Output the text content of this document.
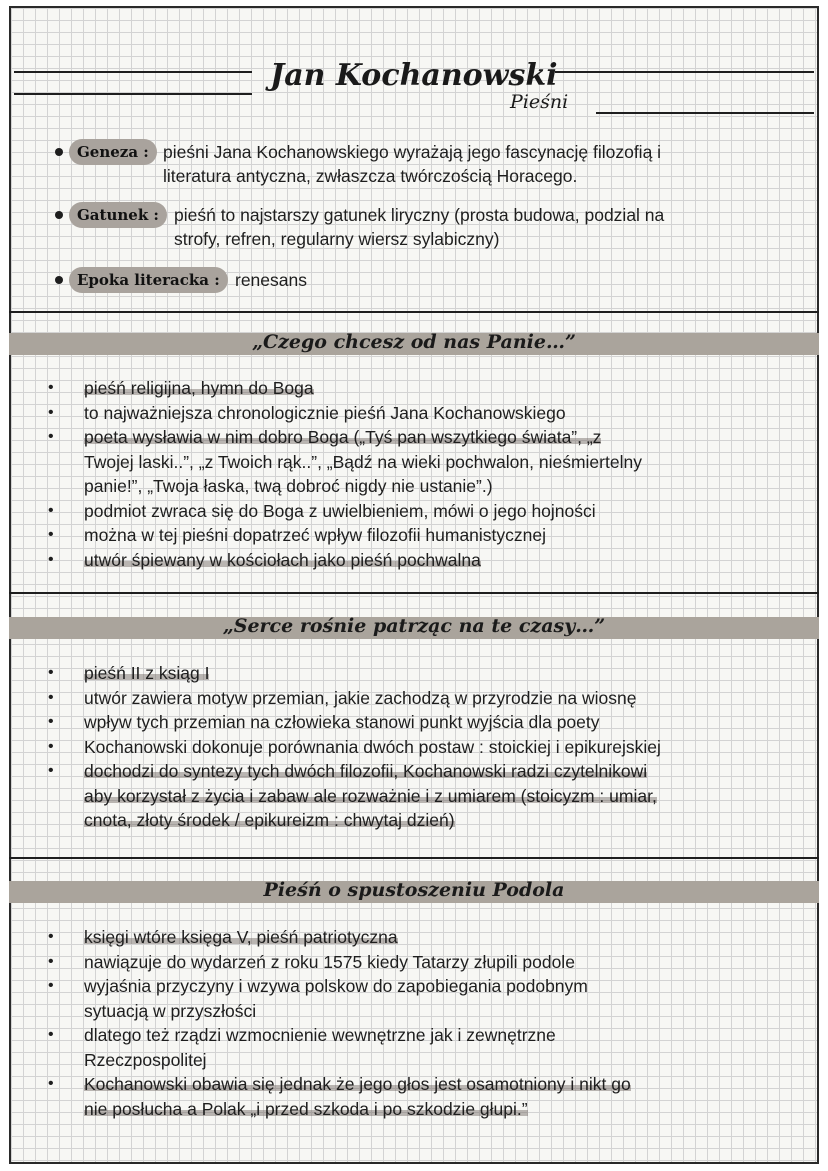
Jan Kochanowski
Pieśni
Geneza : pieśni Jana Kochanowskiego wyrażają jego fascynację filozofią i
literatura antyczna, zwłaszcza twórczością Horacego.
Gatunek : pieśń to najstarszy gatunek liryczny (prosta budowa, podzial na
strofy, refren, regularny wiersz sylabiczny)
Epoka literacka : renesans
„Czego chcesz od nas Panie…”
• pieśń religijna, hymn do Boga
• to najważniejsza chronologicznie pieśń Jana Kochanowskiego
• poeta wysławia w nim dobro Boga („Tyś pan wszytkiego świata”, „z
Twojej laski..”, „z Twoich rąk..”, „Bądź na wieki pochwalon, nieśmiertelny
panie!”, „Twoja łaska, twą dobroć nigdy nie ustanie”.)
• podmiot zwraca się do Boga z uwielbieniem, mówi o jego hojności
• można w tej pieśni dopatrzeć wpływ filozofii humanistycznej
• utwór śpiewany w kościołach jako pieśń pochwalna
„Serce rośnie patrząc na te czasy…”
• pieśń II z ksiąg I
• utwór zawiera motyw przemian, jakie zachodzą w przyrodzie na wiosnę
• wpływ tych przemian na człowieka stanowi punkt wyjścia dla poety
• Kochanowski dokonuje porównania dwóch postaw : stoickiej i epikurejskiej
• dochodzi do syntezy tych dwóch filozofii, Kochanowski radzi czytelnikowi
aby korzystał z życia i zabaw ale rozważnie i z umiarem (stoicyzm : umiar,
cnota, złoty środek / epikureizm : chwytaj dzień)
Pieśń o spustoszeniu Podola
• księgi wtóre księga V, pieśń patriotyczna
• nawiązuje do wydarzeń z roku 1575 kiedy Tatarzy złupili podole
• wyjaśnia przyczyny i wzywa polskow do zapobiegania podobnym
sytuacją w przyszłości
• dlatego też rządzi wzmocnienie wewnętrzne jak i zewnętrzne
Rzeczpospolitej
• Kochanowski obawia się jednak że jego głos jest osamotniony i nikt go
nie posłucha a Polak „i przed szkoda i po szkodzie głupi.”
